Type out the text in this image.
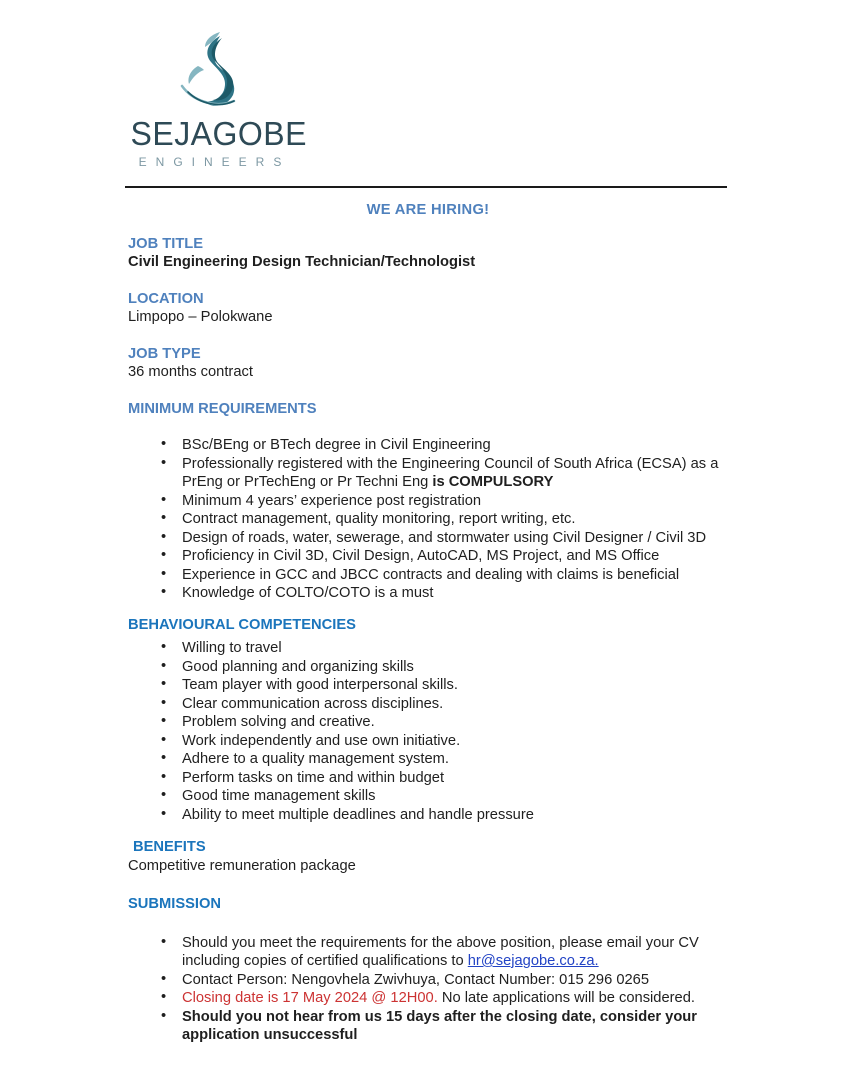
SEJAGOBE
ENGINEERS
WE ARE HIRING!
JOB TITLE
Civil Engineering Design Technician/Technologist
LOCATION
Limpopo – Polokwane
JOB TYPE
36 months contract
MINIMUM REQUIREMENTS
• BSc/BEng or BTech degree in Civil Engineering
• Professionally registered with the Engineering Council of South Africa (ECSA) as a PrEng or PrTechEng or Pr Techni Eng is COMPULSORY
• Minimum 4 years’ experience post registration
• Contract management, quality monitoring, report writing, etc.
• Design of roads, water, sewerage, and stormwater using Civil Designer / Civil 3D
• Proficiency in Civil 3D, Civil Design, AutoCAD, MS Project, and MS Office
• Experience in GCC and JBCC contracts and dealing with claims is beneficial
• Knowledge of COLTO/COTO is a must
BEHAVIOURAL COMPETENCIES
• Willing to travel
• Good planning and organizing skills
• Team player with good interpersonal skills.
• Clear communication across disciplines.
• Problem solving and creative.
• Work independently and use own initiative.
• Adhere to a quality management system.
• Perform tasks on time and within budget
• Good time management skills
• Ability to meet multiple deadlines and handle pressure
BENEFITS
Competitive remuneration package
SUBMISSION
• Should you meet the requirements for the above position, please email your CV including copies of certified qualifications to hr@sejagobe.co.za.
• Contact Person: Nengovhela Zwivhuya, Contact Number: 015 296 0265
• Closing date is 17 May 2024 @ 12H00. No late applications will be considered.
• Should you not hear from us 15 days after the closing date, consider your application unsuccessful
